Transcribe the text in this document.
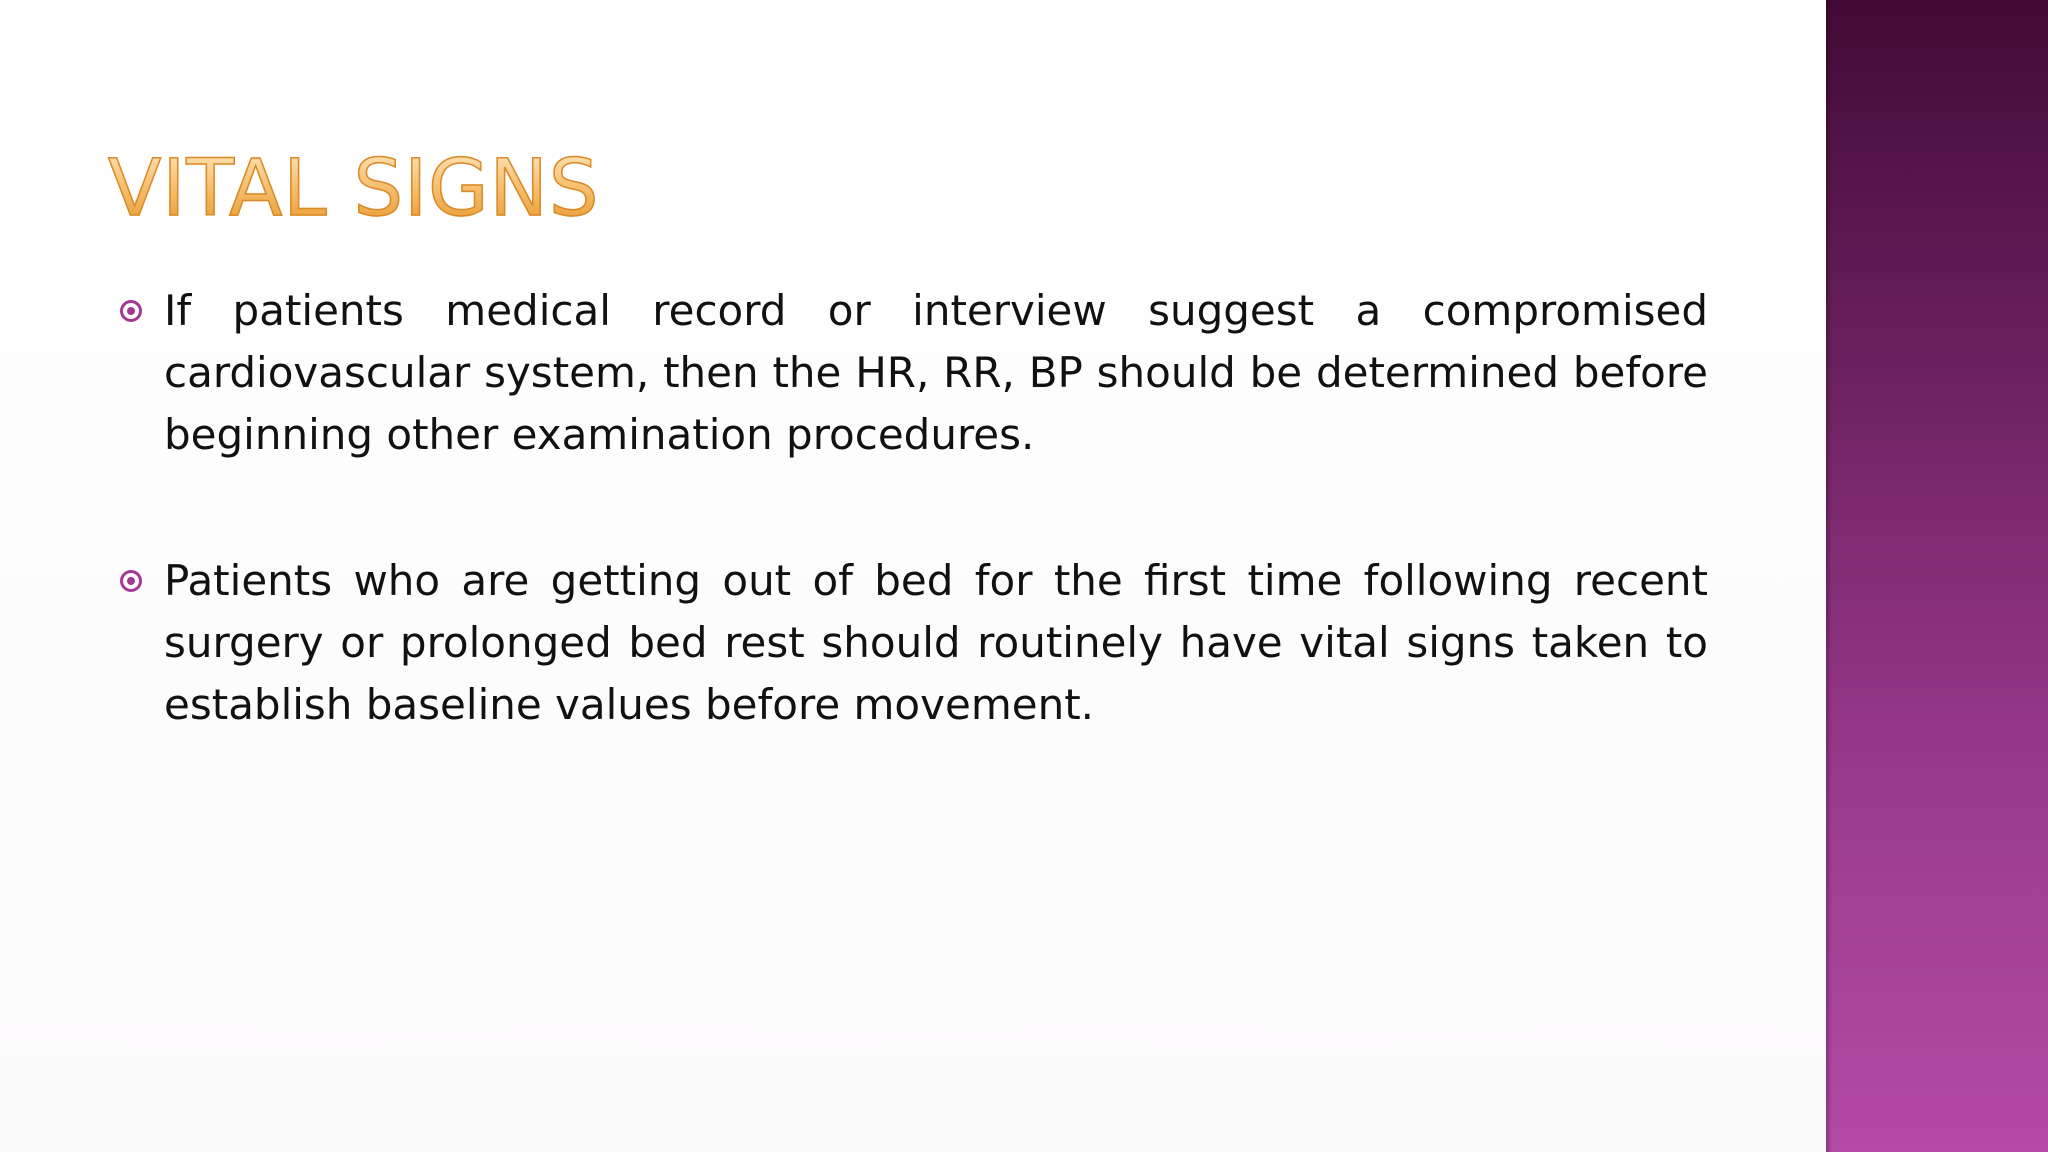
VITAL SIGNS
If patients medical record or interview suggest a compromised cardiovascular system, then the HR, RR, BP should be determined before beginning other examination procedures.
Patients who are getting out of bed for the first time following recent surgery or prolonged bed rest should routinely have vital signs taken to establish baseline values before movement.
